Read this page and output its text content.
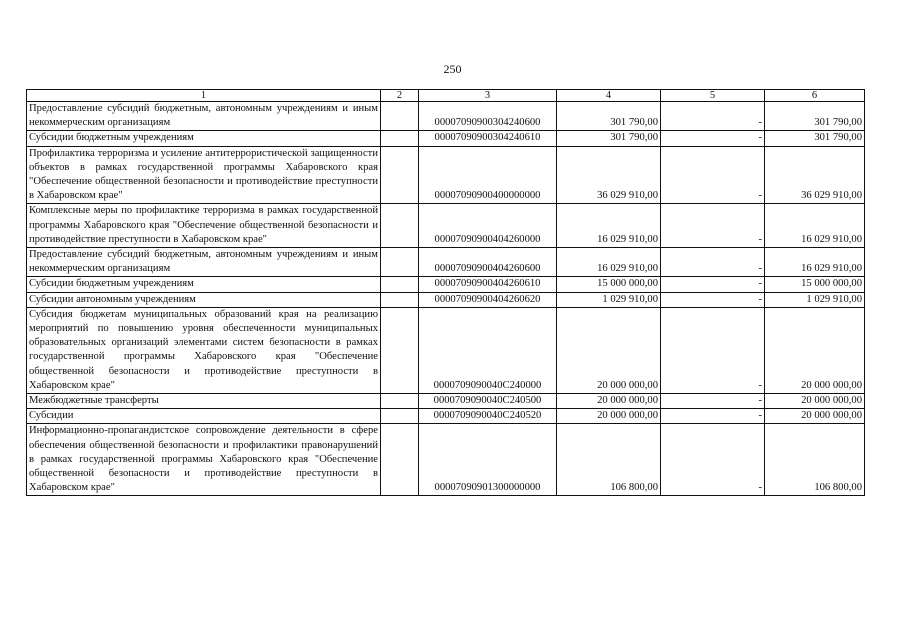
250
1	2	3	4	5	6
Предоставление субсидий бюджетным, автономным учреждениям и иным некоммерческим организациям		00007090900304240600	301 790,00	-	301 790,00
Субсидии бюджетным учреждениям		00007090900304240610	301 790,00	-	301 790,00
Профилактика терроризма и усиление антитеррористической защищенности объектов в рамках государственной программы Хабаровского края "Обеспечение общественной безопасности и противодействие преступности в Хабаровском крае"		00007090900400000000	36 029 910,00	-	36 029 910,00
Комплексные меры по профилактике терроризма в рамках государственной программы Хабаровского края "Обеспечение общественной безопасности и противодействие преступности в Хабаровском крае"		00007090900404260000	16 029 910,00	-	16 029 910,00
Предоставление субсидий бюджетным, автономным учреждениям и иным некоммерческим организациям		00007090900404260600	16 029 910,00	-	16 029 910,00
Субсидии бюджетным учреждениям		00007090900404260610	15 000 000,00	-	15 000 000,00
Субсидии автономным учреждениям		00007090900404260620	1 029 910,00	-	1 029 910,00
Субсидия бюджетам муниципальных образований края на реализацию мероприятий по повышению уровня обеспеченности муниципальных образовательных организаций элементами систем безопасности в рамках государственной программы Хабаровского края "Обеспечение общественной безопасности и противодействие преступности в Хабаровском крае"		0000709090040С240000	20 000 000,00	-	20 000 000,00
Межбюджетные трансферты		0000709090040С240500	20 000 000,00	-	20 000 000,00
Субсидии		0000709090040С240520	20 000 000,00	-	20 000 000,00
Информационно-пропагандистское сопровождение деятельности в сфере обеспечения общественной безопасности и профилактики правонарушений в рамках государственной программы Хабаровского края "Обеспечение общественной безопасности и противодействие преступности в Хабаровском крае"		00007090901300000000	106 800,00	-	106 800,00
